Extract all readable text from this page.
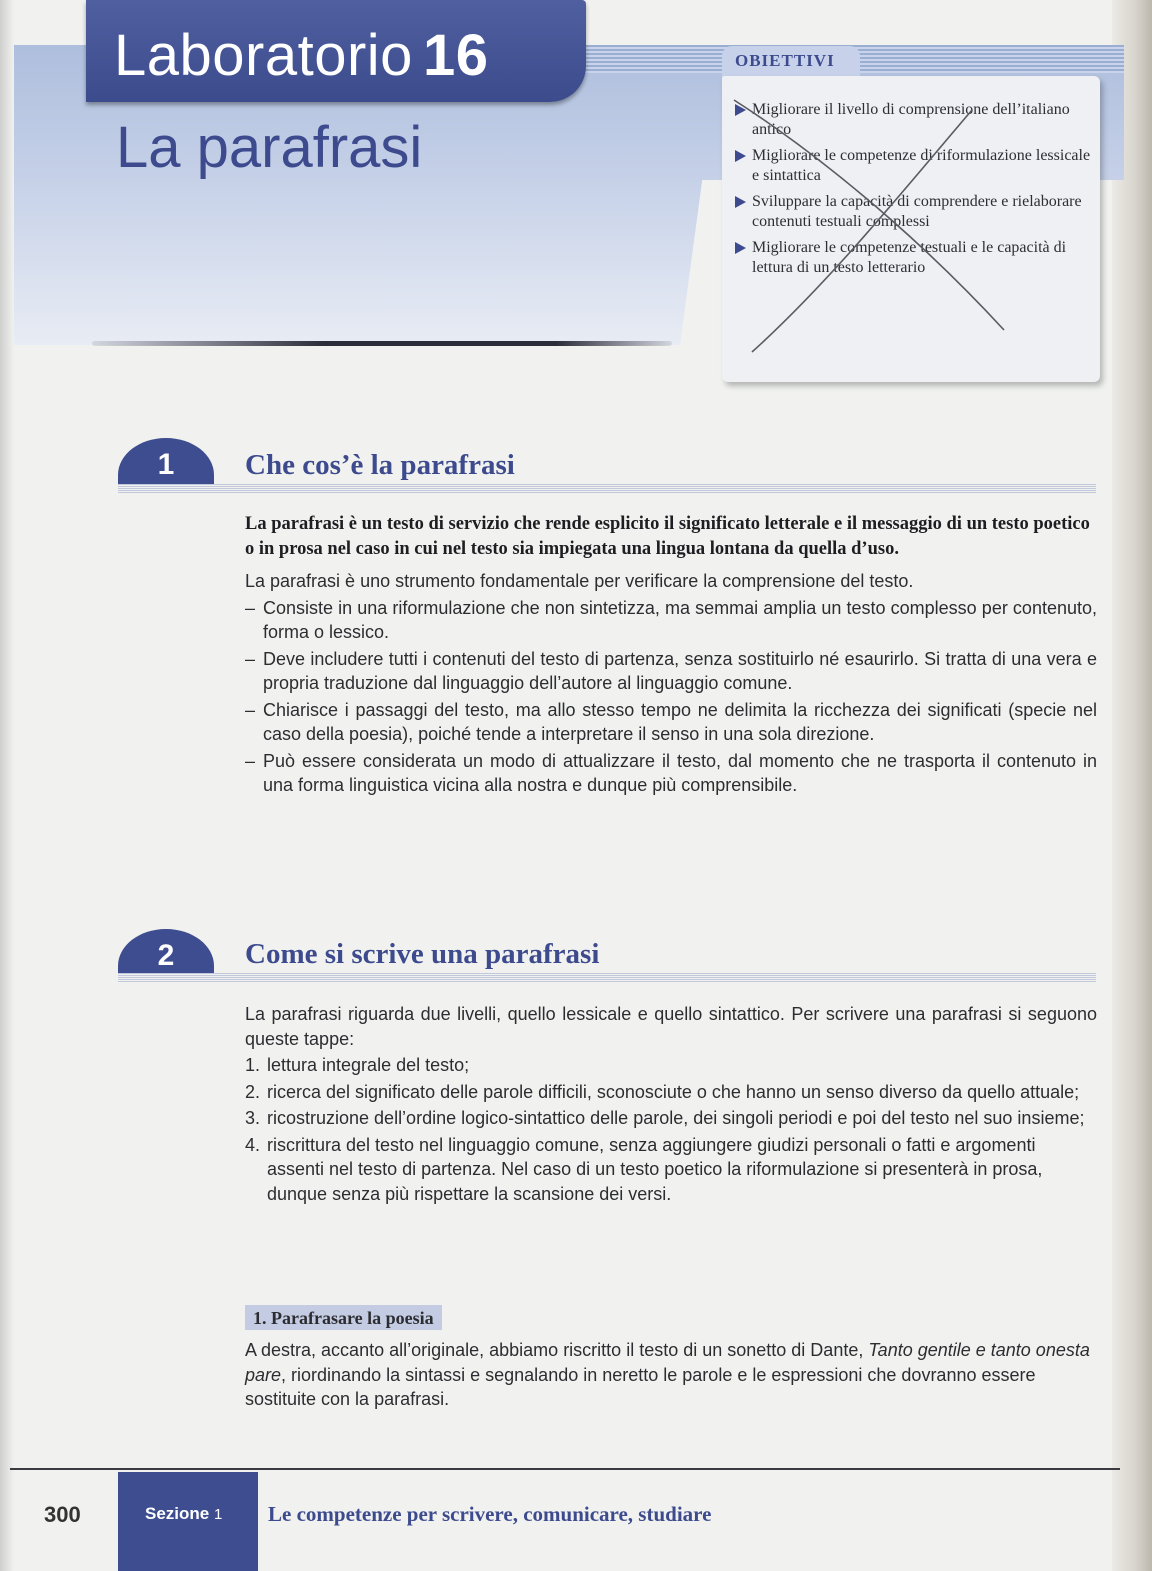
Laboratorio 16
La parafrasi
OBIETTIVI
Migliorare il livello di comprensione dell’italiano antico
Migliorare le competenze di riformulazione lessicale e sintattica
Sviluppare la capacità di comprendere e rielaborare contenuti testuali complessi
Migliorare le competenze testuali e le capacità di lettura di un testo letterario
1	Che cos’è la parafrasi
La parafrasi è un testo di servizio che rende esplicito il significato letterale e il messaggio di un testo poetico o in prosa nel caso in cui nel testo sia impiegata una lingua lontana da quella d’uso.
La parafrasi è uno strumento fondamentale per verificare la comprensione del testo.
– Consiste in una riformulazione che non sintetizza, ma semmai amplia un testo complesso per contenuto, forma o lessico.
– Deve includere tutti i contenuti del testo di partenza, senza sostituirlo né esaurirlo. Si tratta di una vera e propria traduzione dal linguaggio dell’autore al linguaggio comune.
– Chiarisce i passaggi del testo, ma allo stesso tempo ne delimita la ricchezza dei significati (specie nel caso della poesia), poiché tende a interpretare il senso in una sola direzione.
– Può essere considerata un modo di attualizzare il testo, dal momento che ne trasporta il contenuto in una forma linguistica vicina alla nostra e dunque più comprensibile.
2	Come si scrive una parafrasi
La parafrasi riguarda due livelli, quello lessicale e quello sintattico. Per scrivere una parafrasi si seguono queste tappe:
1. lettura integrale del testo;
2. ricerca del significato delle parole difficili, sconosciute o che hanno un senso diverso da quello attuale;
3. ricostruzione dell’ordine logico-sintattico delle parole, dei singoli periodi e poi del testo nel suo insieme;
4. riscrittura del testo nel linguaggio comune, senza aggiungere giudizi personali o fatti e argomenti assenti nel testo di partenza. Nel caso di un testo poetico la riformulazione si presenterà in prosa, dunque senza più rispettare la scansione dei versi.
1. Parafrasare la poesia
A destra, accanto all’originale, abbiamo riscritto il testo di un sonetto di Dante, Tanto gentile e tanto onesta pare, riordinando la sintassi e segnalando in neretto le parole e le espressioni che dovranno essere sostituite con la parafrasi.
300	Sezione 1 Le competenze per scrivere, comunicare, studiare
